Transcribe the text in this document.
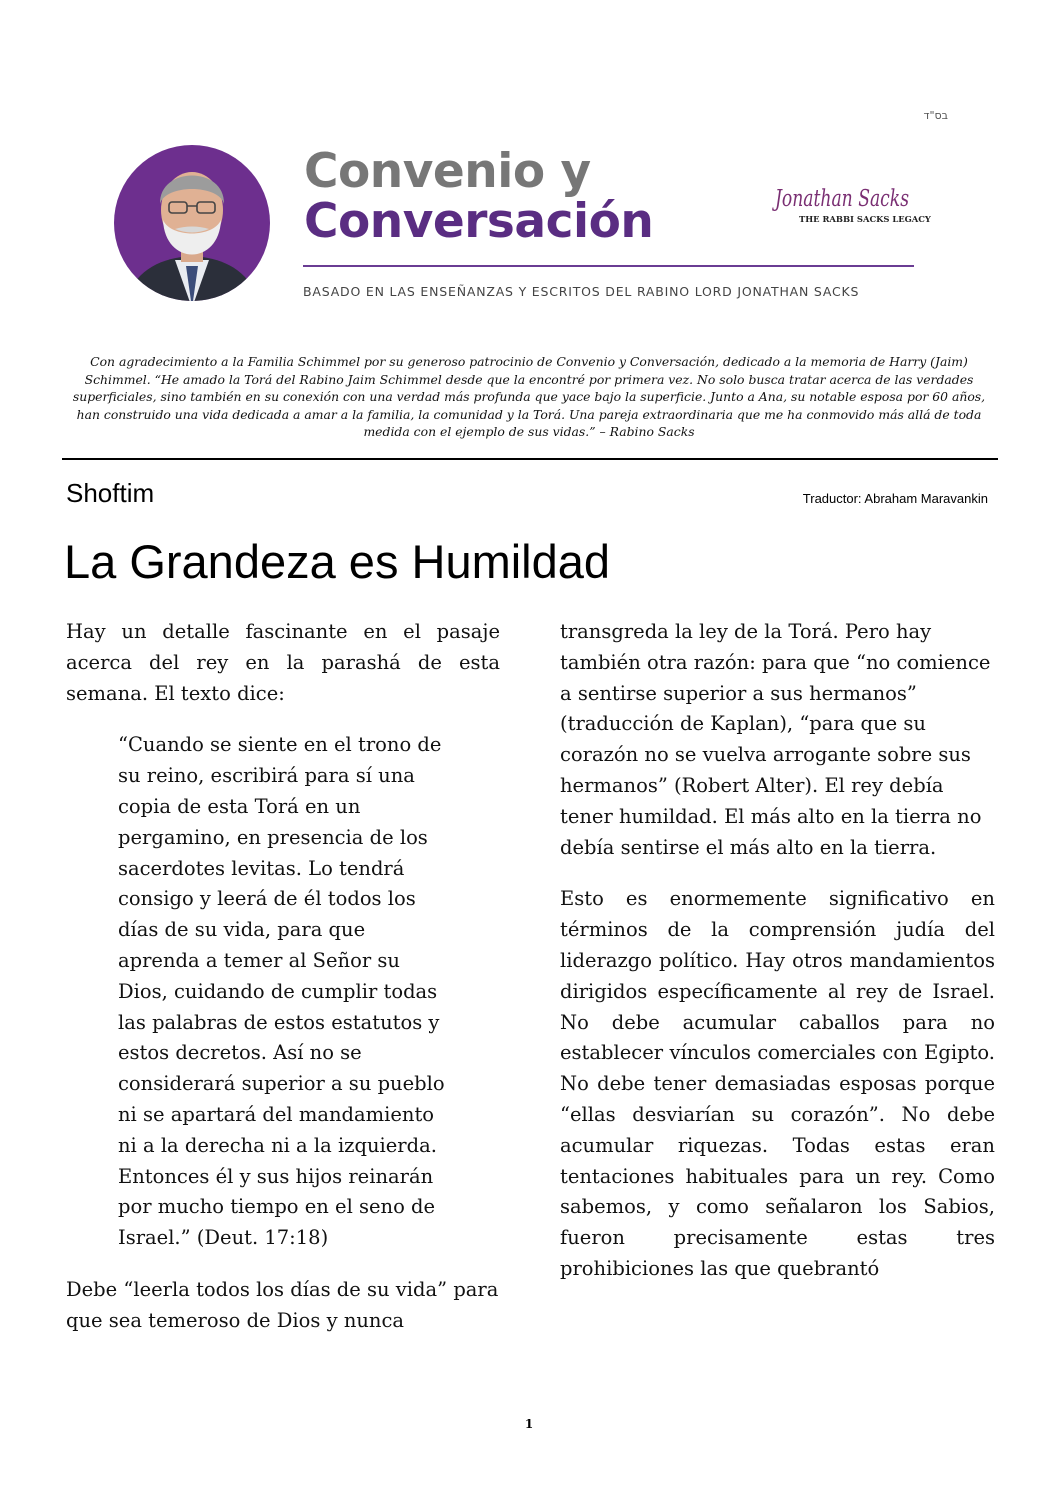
בס"ד
Convenio y
Conversación	Jonathan Sacks
THE RABBI SACKS LEGACY
BASADO EN LAS ENSEÑANZAS Y ESCRITOS DEL RABINO LORD JONATHAN SACKS
Con agradecimiento a la Familia Schimmel por su generoso patrocinio de Convenio y Conversación, dedicado a la memoria de Harry (Jaim) Schimmel. “He amado la Torá del Rabino Jaim Schimmel desde que la encontré por primera vez. No solo busca tratar acerca de las verdades superficiales, sino también en su conexión con una verdad más profunda que yace bajo la superficie. Junto a Ana, su notable esposa por 60 años, han construido una vida dedicada a amar a la familia, la comunidad y la Torá. Una pareja extraordinaria que me ha conmovido más allá de toda medida con el ejemplo de sus vidas.” – Rabino Sacks
Shoftim	Traductor: Abraham Maravankin
La Grandeza es Humildad

Hay un detalle fascinante en el pasaje acerca del rey en la parashá de esta semana. El texto dice:

“Cuando se siente en el trono de su reino, escribirá para sí una copia de esta Torá en un pergamino, en presencia de los sacerdotes levitas. Lo tendrá consigo y leerá de él todos los días de su vida, para que aprenda a temer al Señor su Dios, cuidando de cumplir todas las palabras de estos estatutos y estos decretos. Así no se considerará superior a su pueblo ni se apartará del mandamiento ni a la derecha ni a la izquierda. Entonces él y sus hijos reinarán por mucho tiempo en el seno de Israel.” (Deut. 17:18)

Debe “leerla todos los días de su vida” para que sea temeroso de Dios y nunca

transgreda la ley de la Torá. Pero hay también otra razón: para que “no comience a sentirse superior a sus hermanos” (traducción de Kaplan), “para que su corazón no se vuelva arrogante sobre sus hermanos” (Robert Alter). El rey debía tener humildad. El más alto en la tierra no debía sentirse el más alto en la tierra.

Esto es enormemente significativo en términos de la comprensión judía del liderazgo político. Hay otros mandamientos dirigidos específicamente al rey de Israel. No debe acumular caballos para no establecer vínculos comerciales con Egipto. No debe tener demasiadas esposas porque “ellas desviarían su corazón”. No debe acumular riquezas. Todas estas eran tentaciones habituales para un rey. Como sabemos, y como señalaron los Sabios, fueron precisamente estas tres prohibiciones las que quebrantó

1
